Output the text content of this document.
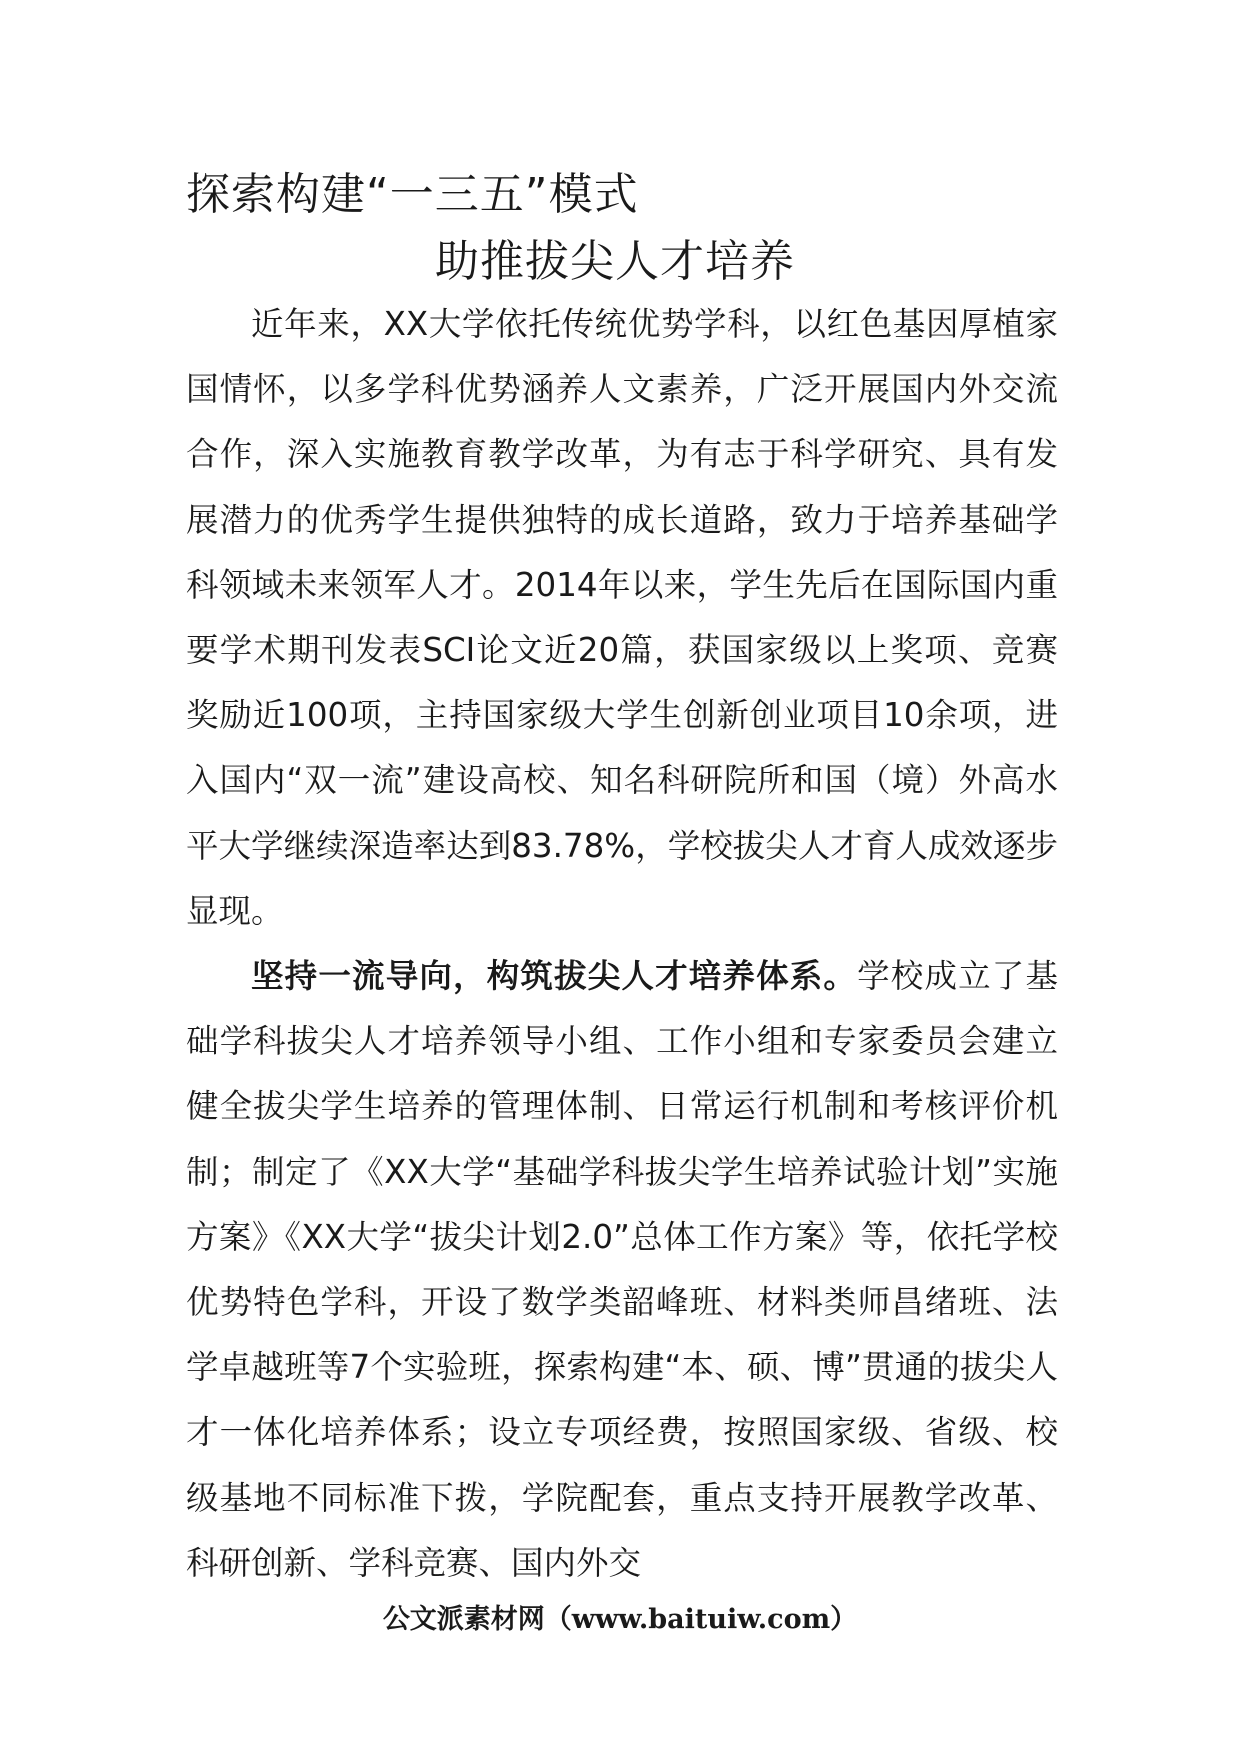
探索构建“一三五”模式
助推拔尖人才培养

近年来，XX大学依托传统优势学科，以红色基因厚植家国情怀，以多学科优势涵养人文素养，广泛开展国内外交流合作，深入实施教育教学改革，为有志于科学研究、具有发展潜力的优秀学生提供独特的成长道路，致力于培养基础学科领域未来领军人才。2014年以来，学生先后在国际国内重要学术期刊发表SCI论文近20篇，获国家级以上奖项、竞赛奖励近100项，主持国家级大学生创新创业项目10余项，进入国内“双一流”建设高校、知名科研院所和国（境）外高水平大学继续深造率达到83.78%，学校拔尖人才育人成效逐步显现。

坚持一流导向，构筑拔尖人才培养体系。学校成立了基础学科拔尖人才培养领导小组、工作小组和专家委员会建立健全拔尖学生培养的管理体制、日常运行机制和考核评价机制；制定了《XX大学“基础学科拔尖学生培养试验计划”实施方案》《XX大学“拔尖计划2.0”总体工作方案》等，依托学校优势特色学科，开设了数学类韶峰班、材料类师昌绪班、法学卓越班等7个实验班，探索构建“本、硕、博”贯通的拔尖人才一体化培养体系；设立专项经费，按照国家级、省级、校级基地不同标准下拨，学院配套，重点支持开展教学改革、科研创新、学科竞赛、国内外交

公文派素材网（www.baituiw.com）
